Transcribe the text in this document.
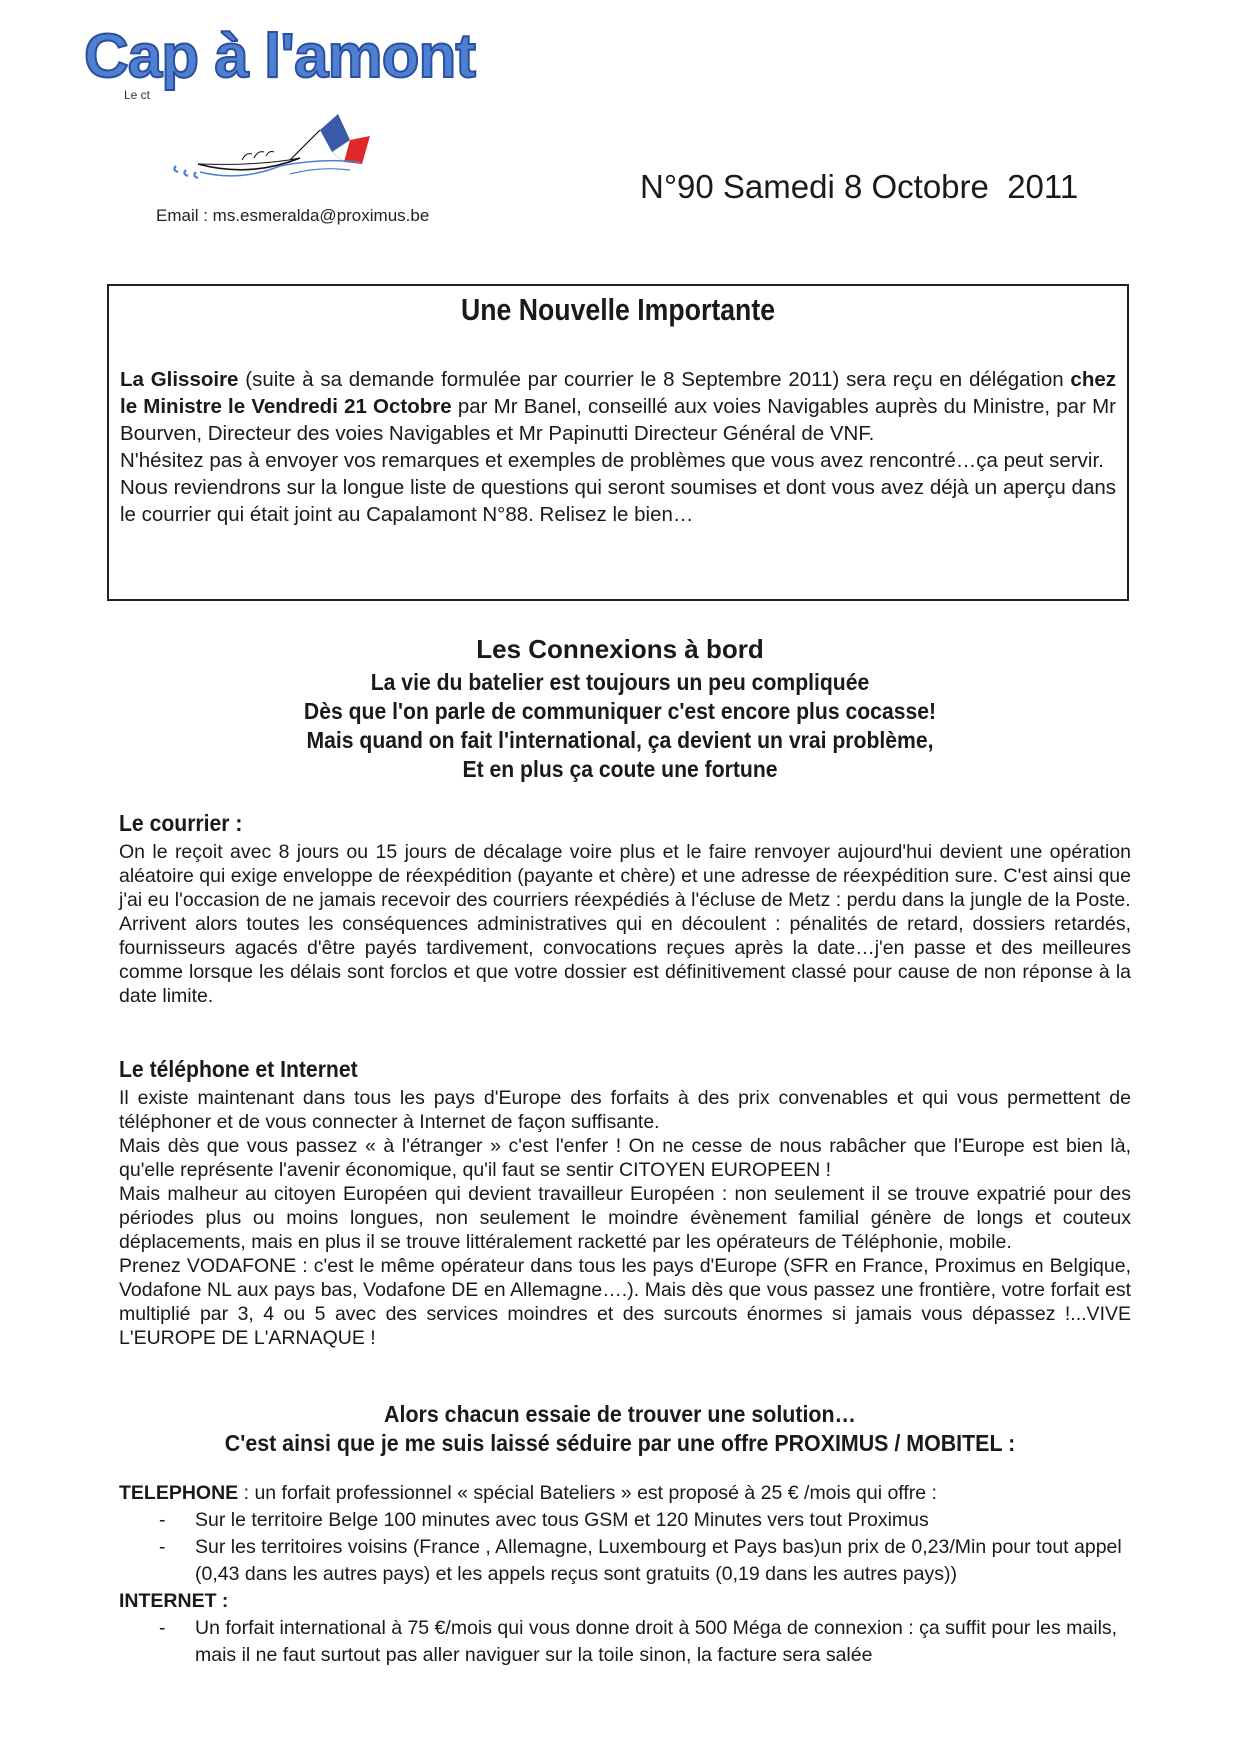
Cap à l'amont
Le ct
Email : ms.esmeralda@proximus.be
N°90 Samedi 8 Octobre  2011
Une Nouvelle Importante

La Glissoire (suite à sa demande formulée par courrier le 8 Septembre 2011) sera reçu en délégation chez le Ministre le Vendredi 21 Octobre par Mr Banel, conseillé aux voies Navigables auprès du Ministre, par Mr Bourven, Directeur des voies Navigables et Mr Papinutti Directeur Général de VNF.

N'hésitez pas à envoyer vos remarques et exemples de problèmes que vous avez rencontré…ça peut servir.

Nous reviendrons sur la longue liste de questions qui seront soumises et dont vous avez déjà un aperçu dans le courrier qui était joint au Capalamont N°88. Relisez le bien…

Les Connexions à bord
La vie du batelier est toujours un peu compliquée
Dès que l'on parle de communiquer c'est encore plus cocasse!
Mais quand on fait l'international, ça devient un vrai problème,
Et en plus ça coute une fortune
Le courrier :

On le reçoit avec 8 jours ou 15 jours de décalage voire plus et le faire renvoyer aujourd'hui devient une opération aléatoire qui exige enveloppe de réexpédition (payante et chère) et une adresse de réexpédition sure. C'est ainsi que j'ai eu l'occasion de ne jamais recevoir des courriers réexpédiés à l'écluse de Metz : perdu dans la jungle de la Poste.

Arrivent alors toutes les conséquences administratives qui en découlent : pénalités de retard, dossiers retardés, fournisseurs agacés d'être payés tardivement, convocations reçues après la date…j'en passe et des meilleures comme lorsque les délais sont forclos et que votre dossier est définitivement classé pour cause de non réponse à la date limite.

Le téléphone et Internet

Il existe maintenant dans tous les pays d'Europe des forfaits à des prix convenables et qui vous permettent de téléphoner et de vous connecter à Internet de façon suffisante.

Mais dès que vous passez « à l'étranger » c'est l'enfer ! On ne cesse de nous rabâcher que l'Europe est bien là, qu'elle représente l'avenir économique, qu'il faut se sentir CITOYEN EUROPEEN !

Mais malheur au citoyen Européen qui devient travailleur Européen : non seulement il se trouve expatrié pour des périodes plus ou moins longues, non seulement le moindre évènement familial génère de longs et couteux déplacements, mais en plus il se trouve littéralement racketté par les opérateurs de Téléphonie, mobile.

Prenez VODAFONE : c'est le même opérateur dans tous les pays d'Europe (SFR en France, Proximus en Belgique, Vodafone NL aux pays bas, Vodafone DE en Allemagne….). Mais dès que vous passez une frontière, votre forfait est multiplié par 3, 4 ou 5 avec des services moindres et des surcouts énormes si jamais vous dépassez !...VIVE L'EUROPE DE L'ARNAQUE !

Alors chacun essaie de trouver une solution…
C'est ainsi que je me suis laissé séduire par une offre PROXIMUS / MOBITEL :
TELEPHONE : un forfait professionnel « spécial Bateliers » est proposé à 25 € /mois qui offre :
- Sur le territoire Belge 100 minutes avec tous GSM et 120 Minutes vers tout Proximus
- Sur les territoires voisins (France , Allemagne, Luxembourg et Pays bas)un prix de 0,23/Min pour tout appel (0,43 dans les autres pays) et les appels reçus sont gratuits (0,19 dans les autres pays))
INTERNET :
- Un forfait international à 75 €/mois qui vous donne droit à 500 Méga de connexion : ça suffit pour les mails, mais il ne faut surtout pas aller naviguer sur la toile sinon, la facture sera salée
